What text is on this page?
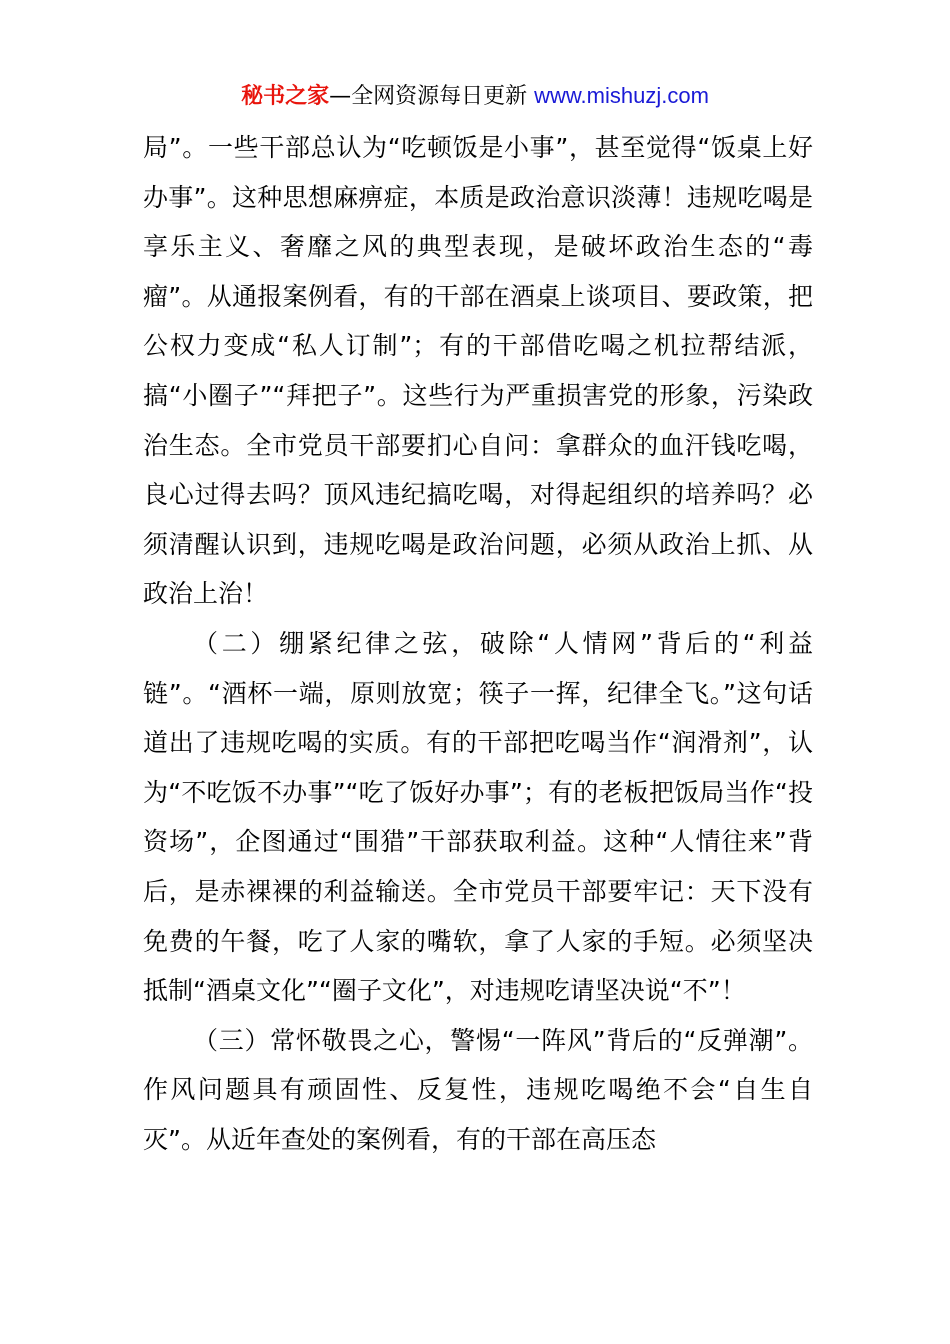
秘书之家—全网资源每日更新 www.mishuzj.com

局”。一些干部总认为“吃顿饭是小事”，甚至觉得“饭桌上好办事”。这种思想麻痹症，本质是政治意识淡薄！违规吃喝是享乐主义、奢靡之风的典型表现，是破坏政治生态的“毒瘤”。从通报案例看，有的干部在酒桌上谈项目、要政策，把公权力变成“私人订制”；有的干部借吃喝之机拉帮结派，搞“小圈子”“拜把子”。这些行为严重损害党的形象，污染政治生态。全市党员干部要扪心自问：拿群众的血汗钱吃喝，良心过得去吗？顶风违纪搞吃喝，对得起组织的培养吗？必须清醒认识到，违规吃喝是政治问题，必须从政治上抓、从政治上治！

（二）绷紧纪律之弦，破除“人情网”背后的“利益链”。“酒杯一端，原则放宽；筷子一挥，纪律全飞。”这句话道出了违规吃喝的实质。有的干部把吃喝当作“润滑剂”，认为“不吃饭不办事”“吃了饭好办事”；有的老板把饭局当作“投资场”，企图通过“围猎”干部获取利益。这种“人情往来”背后，是赤裸裸的利益输送。全市党员干部要牢记：天下没有免费的午餐，吃了人家的嘴软，拿了人家的手短。必须坚决抵制“酒桌文化”“圈子文化”，对违规吃请坚决说“不”！

（三）常怀敬畏之心，警惕“一阵风”背后的“反弹潮”。作风问题具有顽固性、反复性，违规吃喝绝不会“自生自灭”。从近年查处的案例看，有的干部在高压态
